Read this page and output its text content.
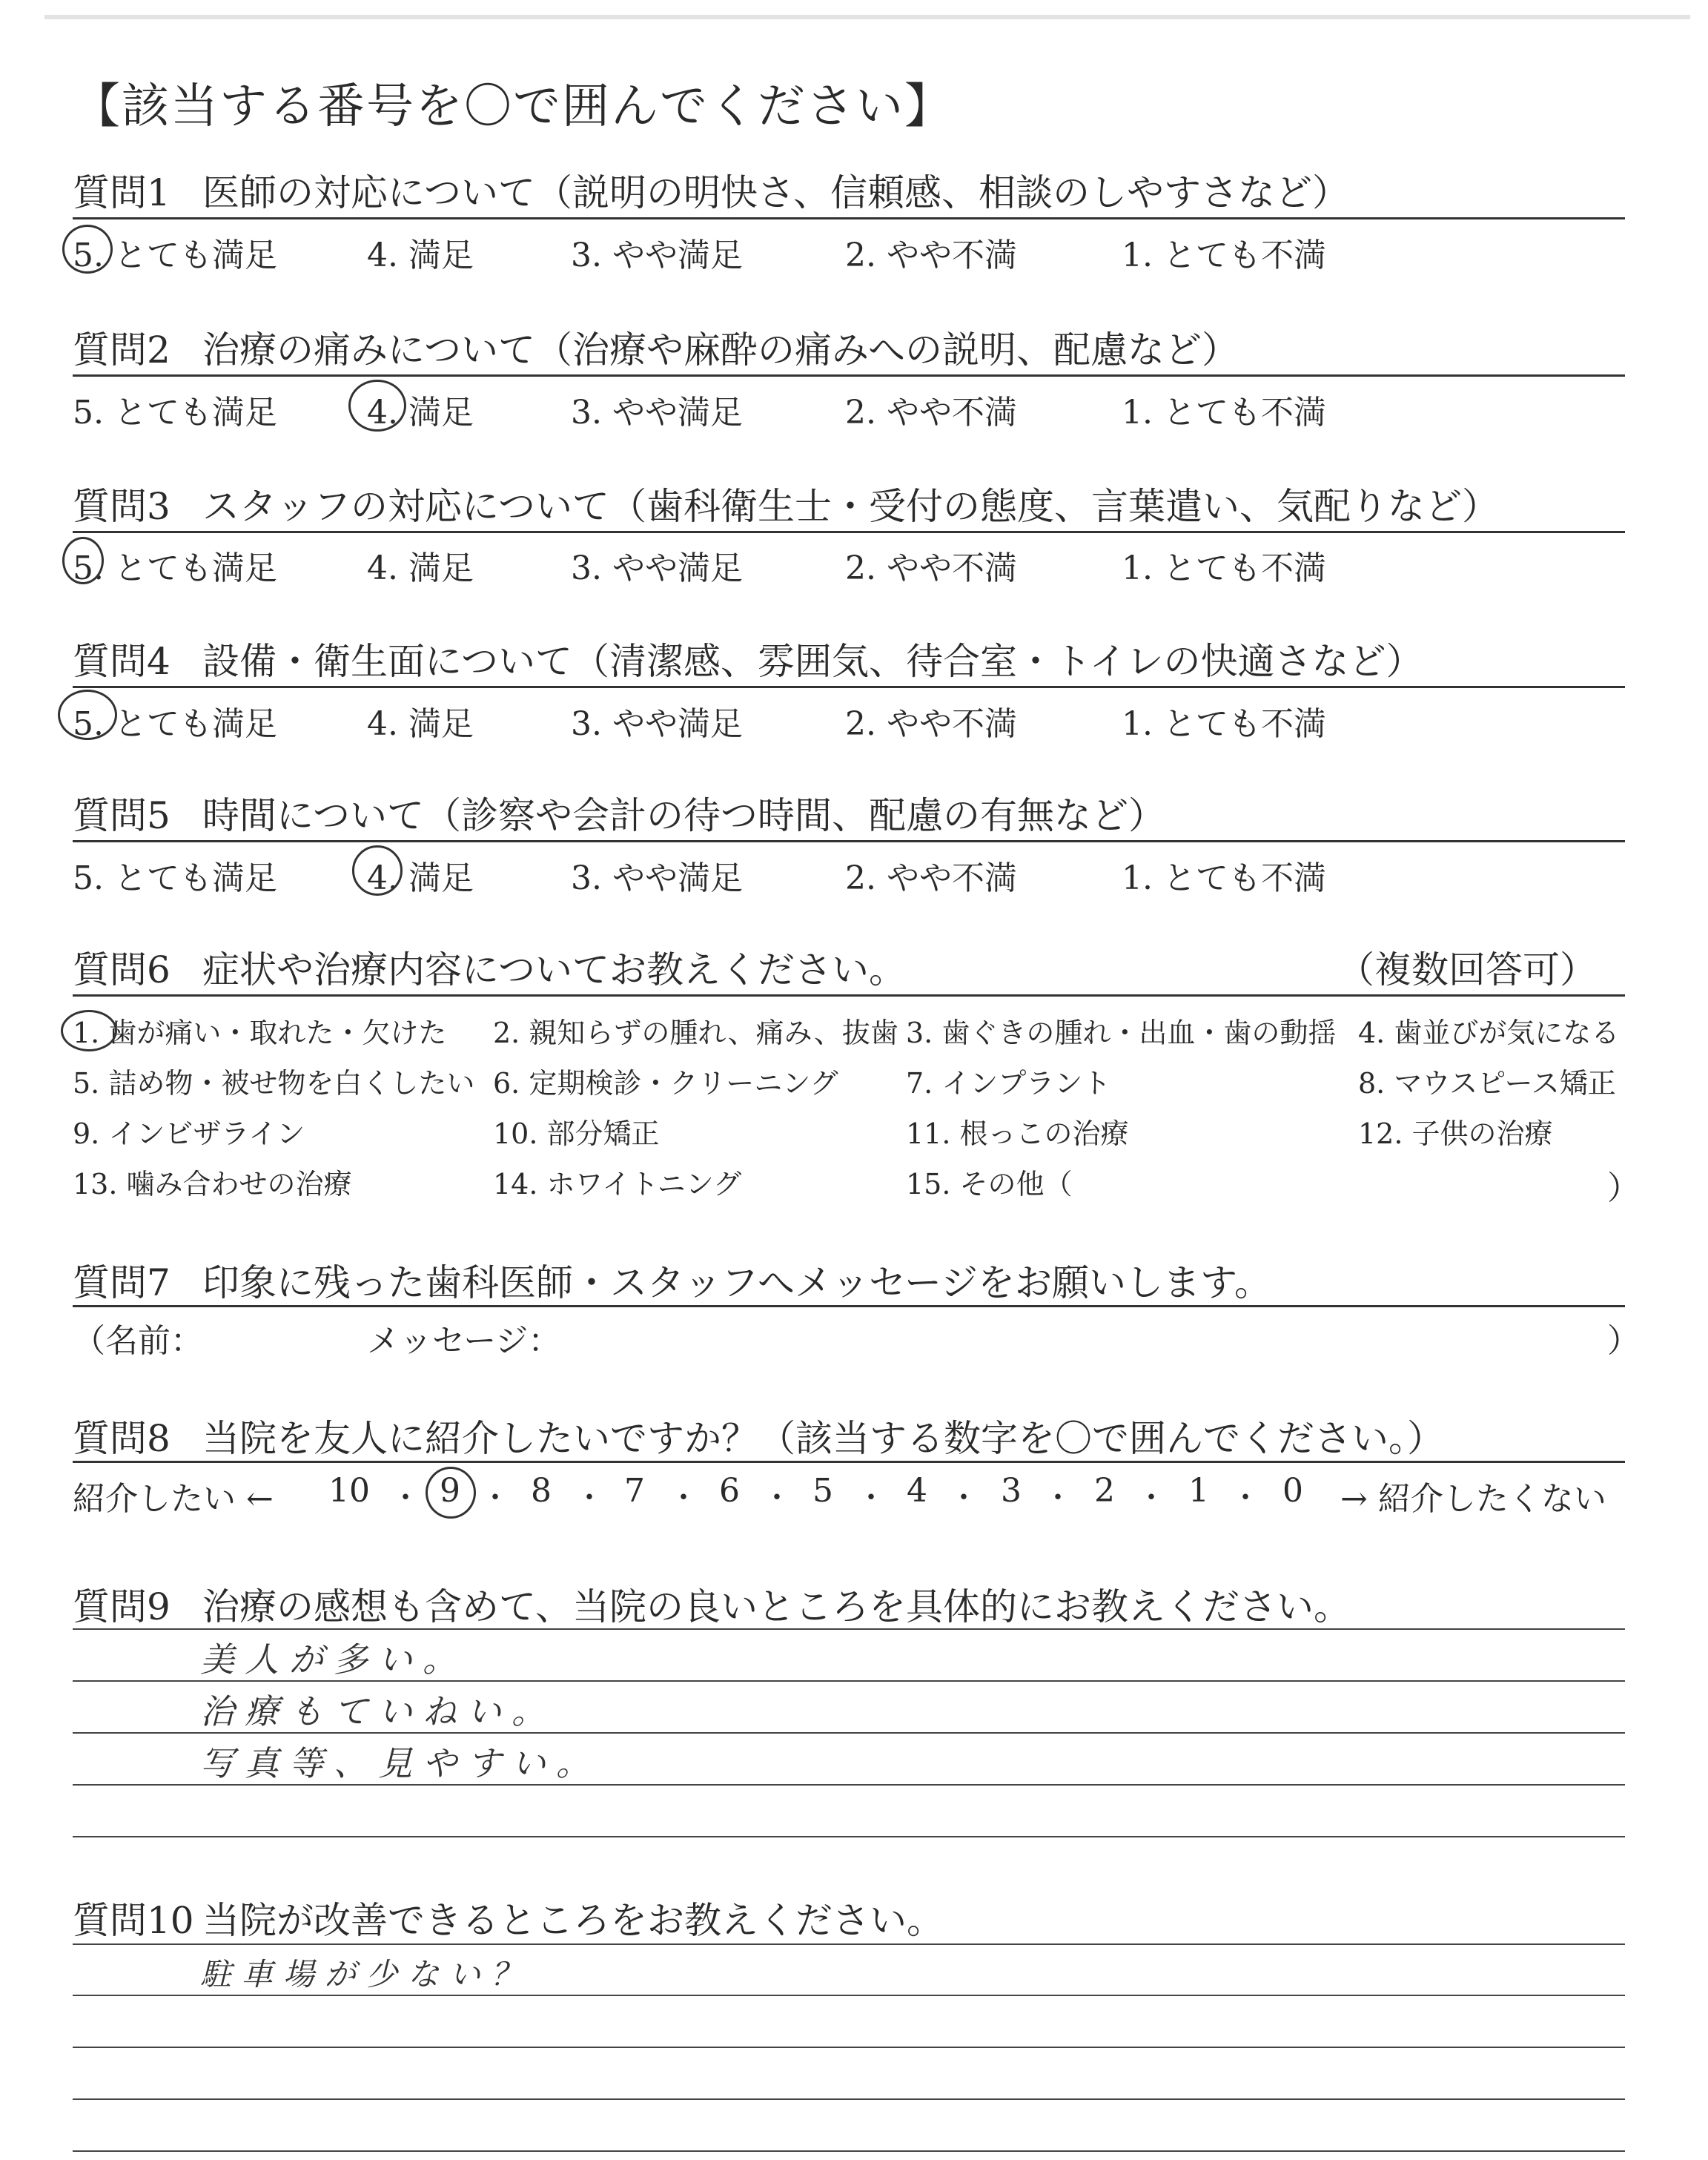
【該当する番号を〇で囲んでください】
質問1 医師の対応について（説明の明快さ、信頼感、相談のしやすさなど）
5. とても満足	4. 満足	3. やや満足	2. やや不満	1. とても不満
質問2 治療の痛みについて（治療や麻酔の痛みへの説明、配慮など）
5. とても満足	4. 満足	3. やや満足	2. やや不満	1. とても不満
質問3 スタッフの対応について（歯科衛生士・受付の態度、言葉遣い、気配りなど）
5. とても満足	4. 満足	3. やや満足	2. やや不満	1. とても不満
質問4 設備・衛生面について（清潔感、雰囲気、待合室・トイレの快適さなど）
5. とても満足	4. 満足	3. やや満足	2. やや不満	1. とても不満
質問5 時間について（診察や会計の待つ時間、配慮の有無など）
5. とても満足	4. 満足	3. やや満足	2. やや不満	1. とても不満
質問6 症状や治療内容についてお教えください。	（複数回答可）
1. 歯が痛い・取れた・欠けた 2. 親知らずの腫れ、痛み、抜歯 3. 歯ぐきの腫れ・出血・歯の動揺 4. 歯並びが気になる
5. 詰め物・被せ物を白くしたい 6. 定期検診・クリーニング 7. インプラント	8. マウスピース矯正
9. インビザライン	10. 部分矯正	11. 根っこの治療	12. 子供の治療
13. 噛み合わせの治療	14. ホワイトニング	15. その他（	）
質問7 印象に残った歯科医師・スタッフへメッセージをお願いします。
（名前：	メッセージ：	）
質問8 当院を友人に紹介したいですか？（該当する数字を〇で囲んでください。）
紹介したい ←	→ 紹介したくない
10 ・ 9 ・ 8 ・ 7 ・ 6 ・ 5 ・ 4 ・ 3 ・ 2 ・ 1 ・ 0
質問9 治療の感想も含めて、当院の良いところを具体的にお教えください。
美人が多い。
治療もていねい。
写真等、見やすい。
質問10 当院が改善できるところをお教えください。
駐車場が少ない？
